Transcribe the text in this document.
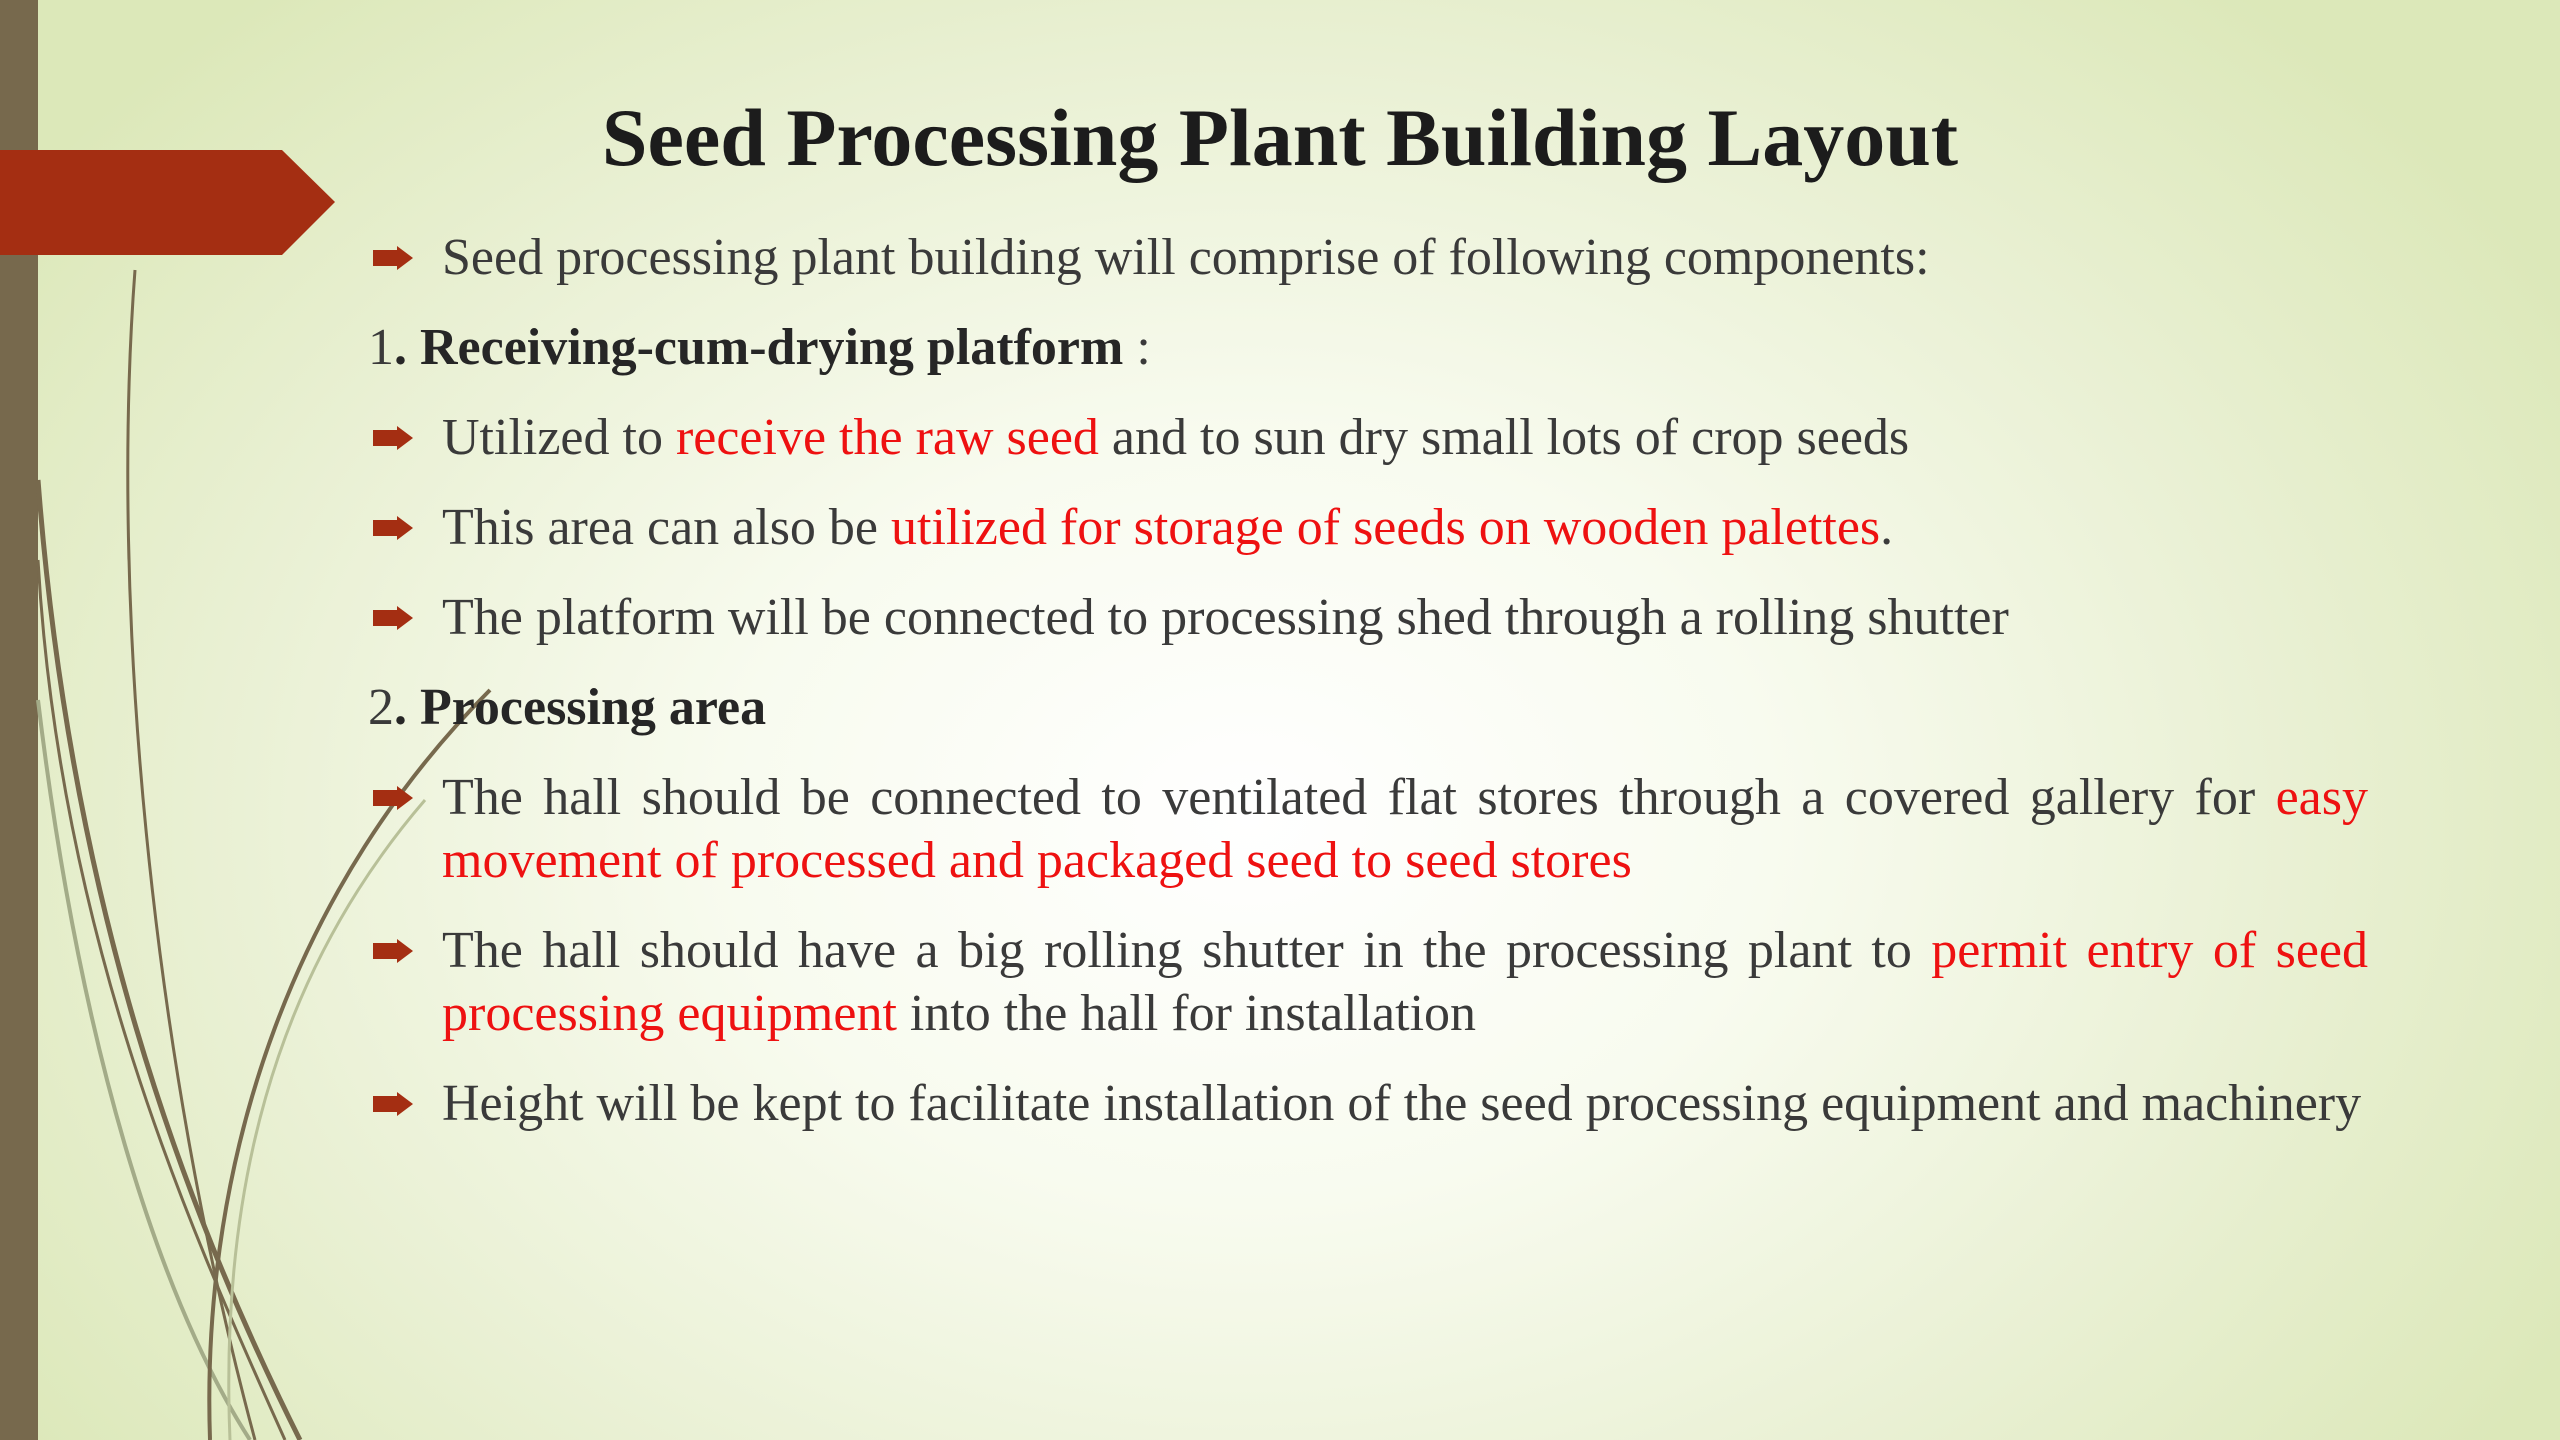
Seed Processing Plant Building Layout
Seed processing plant building will comprise of following components:
1. Receiving-cum-drying platform :
Utilized to receive the raw seed and to sun dry small lots of crop seeds
This area can also be utilized for storage of seeds on wooden palettes.
The platform will be connected to processing shed through a rolling shutter
2. Processing area
The hall should be connected to ventilated flat stores through a covered gallery for easy movement of processed and packaged seed to seed stores
The hall should have a big rolling shutter in the processing plant to permit entry of seed processing equipment into the hall for installation
Height will be kept to facilitate installation of the seed processing equipment and machinery
